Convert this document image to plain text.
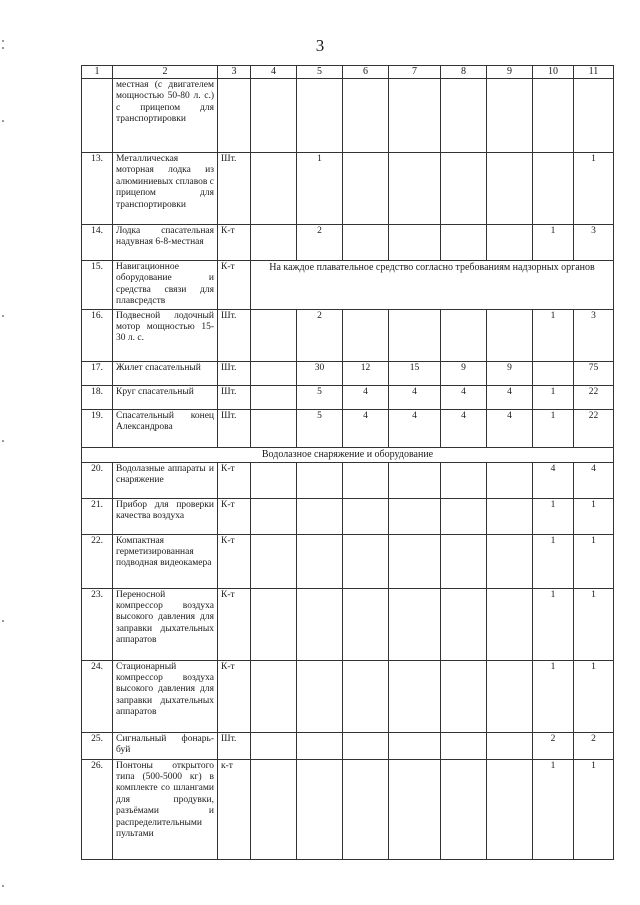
3
1	2	3	4	5	6	7	8	9	10	11
	местная (с двигателем мощностью 50-80 л. с.) с прицепом для транспортировки									
13.	Металлическая моторная лодка из алюминиевых сплавов с прицепом для транспортировки	Шт.		1						1
14.	Лодка спасательная надувная 6-8-местная	К-т		2					1	3
15.	Навигационное оборудование и средства связи для плавсредств	К-т	На каждое плавательное средство согласно требованиям надзорных органов							
16.	Подвесной лодочный мотор мощностью 15-30 л. с.	Шт.		2					1	3
17.	Жилет спасательный	Шт.		30	12	15	9	9		75
18.	Круг спасательный	Шт.		5	4	4	4	4	1	22
19.	Спасательный конец Александрова	Шт.		5	4	4	4	4	1	22
Водолазное снаряжение и оборудование										
20.	Водолазные аппараты и снаряжение	К-т							4	4
21.	Прибор для проверки качества воздуха	К-т							1	1
22.	Компактная герметизированная подводная видеокамера	К-т							1	1
23.	Переносной компрессор воздуха высокого давления для заправки дыхательных аппаратов	К-т							1	1
24.	Стационарный компрессор воздуха высокого давления для заправки дыхательных аппаратов	К-т							1	1
25.	Сигнальный фонарь-буй	Шт.							2	2
26.	Понтоны открытого типа (500-5000 кг) в комплекте со шлангами для продувки, разъёмами и распределительными пультами	к-т							1	1
